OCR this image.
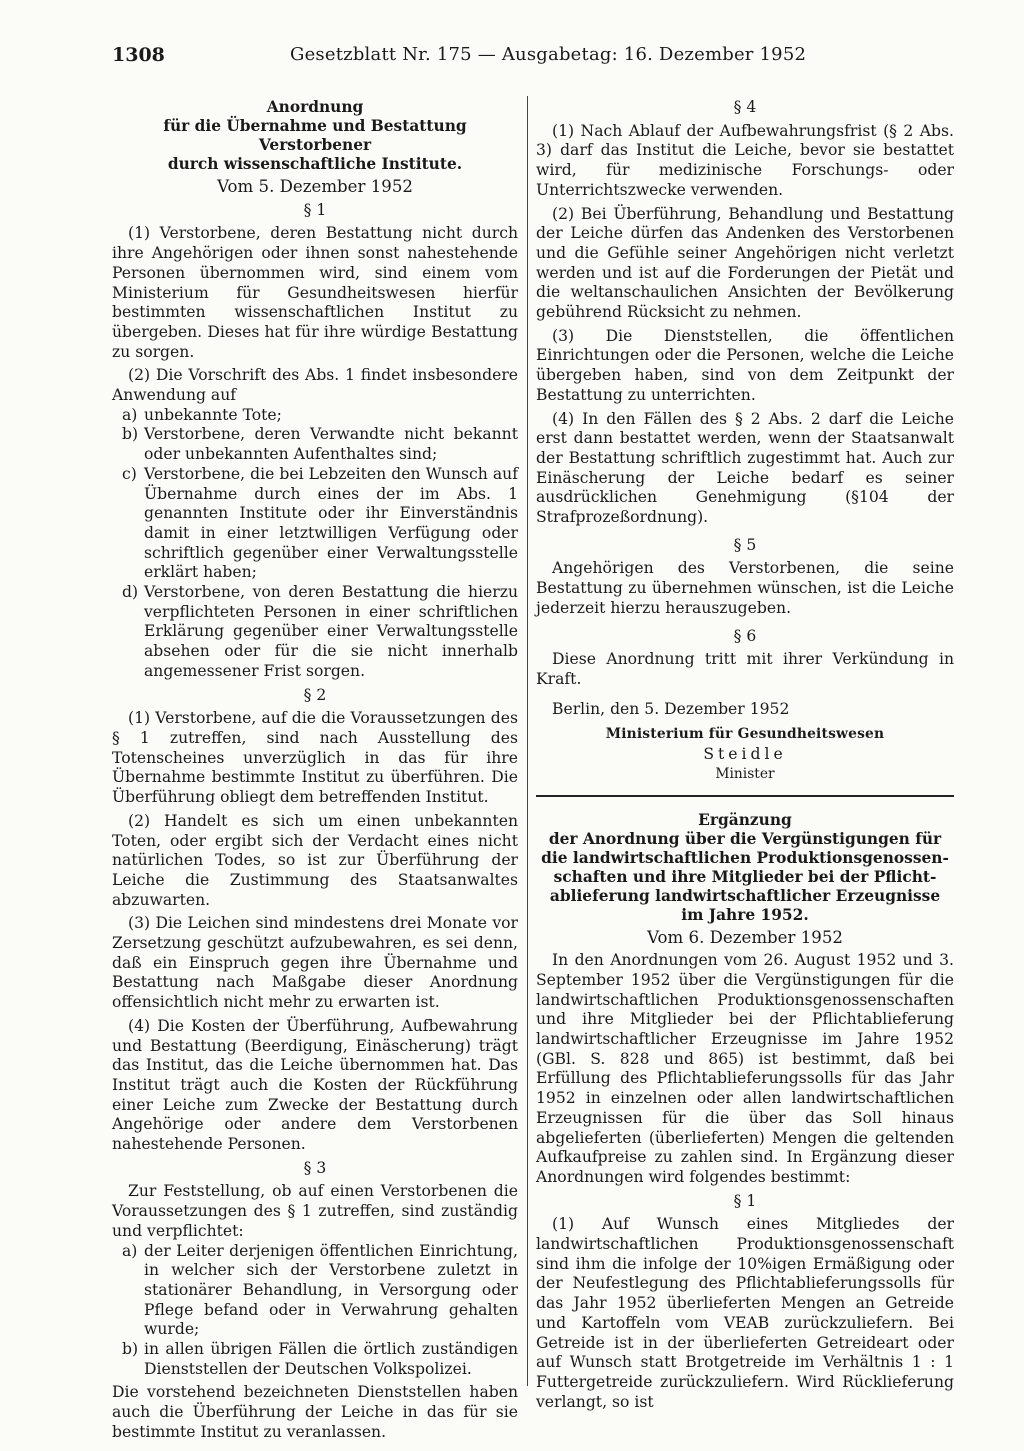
1308	Gesetzblatt Nr. 175 — Ausgabetag: 16. Dezember 1952

Anordnung

für die Übernahme und Bestattung Verstorbener

durch wissenschaftliche Institute.

Vom 5. Dezember 1952

§ 1

(1) Verstorbene, deren Bestattung nicht durch ihre Angehörigen oder ihnen sonst nahestehende Personen übernommen wird, sind einem vom Ministerium für Gesundheitswesen hierfür bestimmten wissenschaftlichen Institut zu übergeben. Dieses hat für ihre würdige Bestattung zu sorgen.

(2) Die Vorschrift des Abs. 1 findet insbesondere Anwendung auf

a) unbekannte Tote;

b) Verstorbene, deren Verwandte nicht bekannt oder unbekannten Aufenthaltes sind;

c) Verstorbene, die bei Lebzeiten den Wunsch auf Übernahme durch eines der im Abs. 1 genannten Institute oder ihr Einverständnis damit in einer letztwilligen Verfügung oder schriftlich gegenüber einer Verwaltungsstelle erklärt haben;

d) Verstorbene, von deren Bestattung die hierzu verpflichteten Personen in einer schriftlichen Erklärung gegenüber einer Verwaltungsstelle absehen oder für die sie nicht innerhalb angemessener Frist sorgen.

§ 2

(1) Verstorbene, auf die die Voraussetzungen des § 1 zutreffen, sind nach Ausstellung des Totenscheines unverzüglich in das für ihre Übernahme bestimmte Institut zu überführen. Die Überführung obliegt dem betreffenden Institut.

(2) Handelt es sich um einen unbekannten Toten, oder ergibt sich der Verdacht eines nicht natürlichen Todes, so ist zur Überführung der Leiche die Zustimmung des Staatsanwaltes abzuwarten.

(3) Die Leichen sind mindestens drei Monate vor Zersetzung geschützt aufzubewahren, es sei denn, daß ein Einspruch gegen ihre Übernahme und Bestattung nach Maßgabe dieser Anordnung offensichtlich nicht mehr zu erwarten ist.

(4) Die Kosten der Überführung, Aufbewahrung und Bestattung (Beerdigung, Einäscherung) trägt das Institut, das die Leiche übernommen hat. Das Institut trägt auch die Kosten der Rückführung einer Leiche zum Zwecke der Bestattung durch Angehörige oder andere dem Verstorbenen nahestehende Personen.

§ 3

Zur Feststellung, ob auf einen Verstorbenen die Voraussetzungen des § 1 zutreffen, sind zuständig und verpflichtet:

a) der Leiter derjenigen öffentlichen Einrichtung, in welcher sich der Verstorbene zuletzt in stationärer Behandlung, in Versorgung oder Pflege befand oder in Verwahrung gehalten wurde;

b) in allen übrigen Fällen die örtlich zuständigen Dienststellen der Deutschen Volkspolizei.

Die vorstehend bezeichneten Dienststellen haben auch die Überführung der Leiche in das für sie bestimmte Institut zu veranlassen.

§ 4

(1) Nach Ablauf der Aufbewahrungsfrist (§ 2 Abs. 3) darf das Institut die Leiche, bevor sie bestattet wird, für medizinische Forschungs- oder Unterrichtszwecke verwenden.

(2) Bei Überführung, Behandlung und Bestattung der Leiche dürfen das Andenken des Verstorbenen und die Gefühle seiner Angehörigen nicht verletzt werden und ist auf die Forderungen der Pietät und die weltanschaulichen Ansichten der Bevölkerung gebührend Rücksicht zu nehmen.

(3) Die Dienststellen, die öffentlichen Einrichtungen oder die Personen, welche die Leiche übergeben haben, sind von dem Zeitpunkt der Bestattung zu unterrichten.

(4) In den Fällen des § 2 Abs. 2 darf die Leiche erst dann bestattet werden, wenn der Staatsanwalt der Bestattung schriftlich zugestimmt hat. Auch zur Einäscherung der Leiche bedarf es seiner ausdrücklichen Genehmigung (§104 der Strafprozeßordnung).

§ 5

Angehörigen des Verstorbenen, die seine Bestattung zu übernehmen wünschen, ist die Leiche jederzeit hierzu herauszugeben.

§ 6

Diese Anordnung tritt mit ihrer Verkündung in Kraft.

Berlin, den 5. Dezember 1952

Ministerium für Gesundheitswesen

Steidle

Minister

Ergänzung

der Anordnung über die Vergünstigungen für

die landwirtschaftlichen Produktionsgenossen-

schaften und ihre Mitglieder bei der Pflicht-

ablieferung landwirtschaftlicher Erzeugnisse

im Jahre 1952.

Vom 6. Dezember 1952

In den Anordnungen vom 26. August 1952 und 3. September 1952 über die Vergünstigungen für die landwirtschaftlichen Produktionsgenossenschaften und ihre Mitglieder bei der Pflichtablieferung landwirtschaftlicher Erzeugnisse im Jahre 1952 (GBl. S. 828 und 865) ist bestimmt, daß bei Erfüllung des Pflichtablieferungssolls für das Jahr 1952 in einzelnen oder allen landwirtschaftlichen Erzeugnissen für die über das Soll hinaus abgelieferten (überlieferten) Mengen die geltenden Aufkaufpreise zu zahlen sind. In Ergänzung dieser Anordnungen wird folgendes bestimmt:

§ 1

(1) Auf Wunsch eines Mitgliedes der landwirtschaftlichen Produktionsgenossenschaft sind ihm die infolge der 10%igen Ermäßigung oder der Neufestlegung des Pflichtablieferungssolls für das Jahr 1952 überlieferten Mengen an Getreide und Kartoffeln vom VEAB zurückzuliefern. Bei Getreide ist in der überlieferten Getreideart oder auf Wunsch statt Brotgetreide im Verhältnis 1 : 1 Futtergetreide zurückzuliefern. Wird Rücklieferung verlangt, so ist
